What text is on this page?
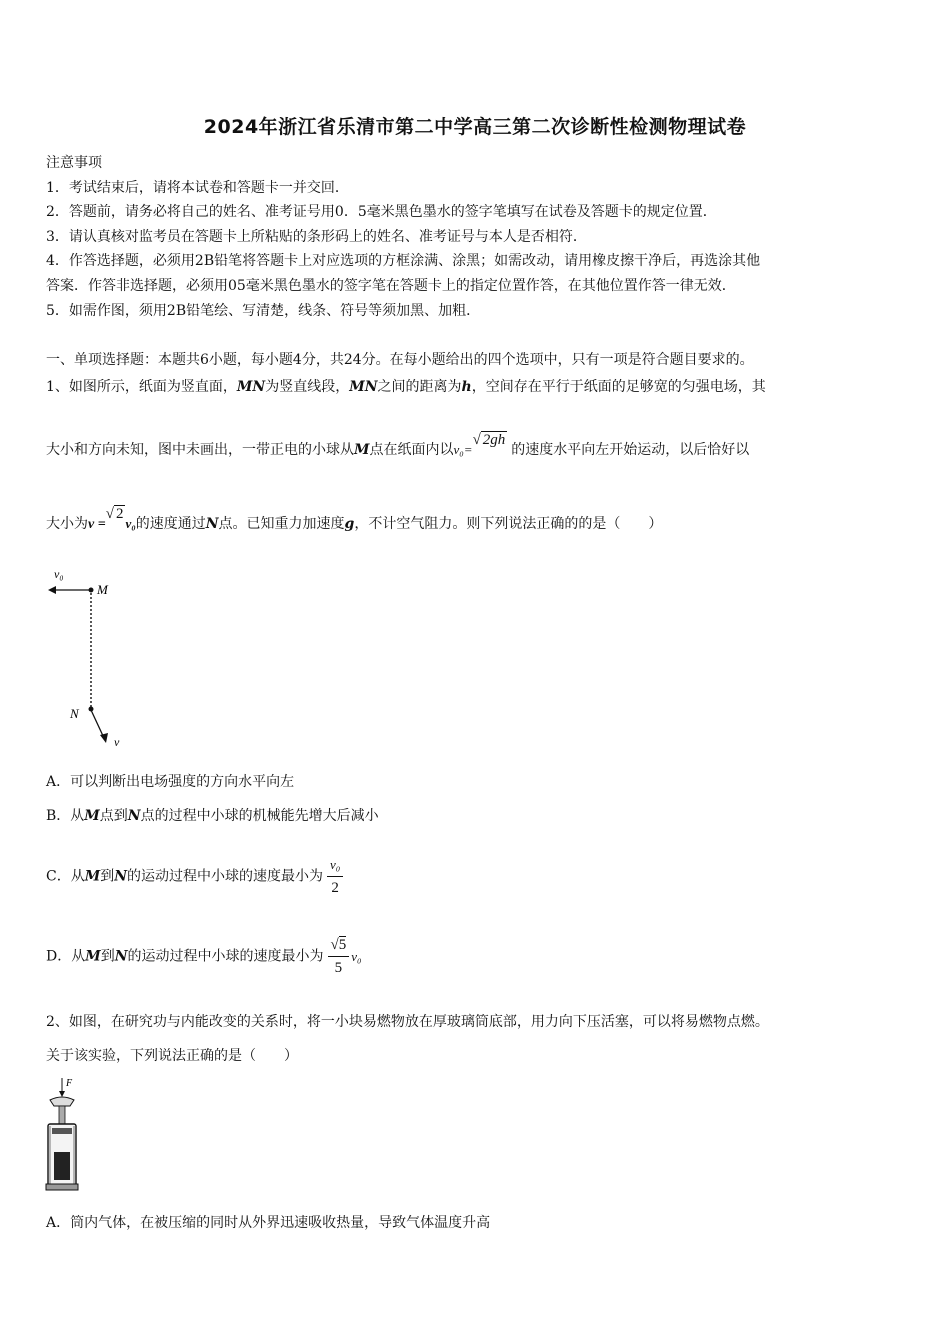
2024年浙江省乐清市第二中学高三第二次诊断性检测物理试卷
注意事项
1．考试结束后，请将本试卷和答题卡一并交回．
2．答题前，请务必将自己的姓名、准考证号用0．5毫米黑色墨水的签字笔填写在试卷及答题卡的规定位置．
3．请认真核对监考员在答题卡上所粘贴的条形码上的姓名、准考证号与本人是否相符．
4．作答选择题，必须用2B铅笔将答题卡上对应选项的方框涂满、涂黑；如需改动，请用橡皮擦干净后，再选涂其他
答案．作答非选择题，必须用05毫米黑色墨水的签字笔在答题卡上的指定位置作答，在其他位置作答一律无效．
5．如需作图，须用2B铅笔绘、写清楚，线条、符号等须加黑、加粗．
一、单项选择题：本题共6小题，每小题4分，共24分。在每小题给出的四个选项中，只有一项是符合题目要求的。
1、如图所示，纸面为竖直面，MN为竖直线段，MN之间的距离为h，空间存在平行于纸面的足够宽的匀强电场，其
大小和方向未知，图中未画出，一带正电的小球从M点在纸面内以v₀=√ 2gh的速度水平向左开始运动，以后恰好以
大小为v =√ 2v₀的速度通过N点。已知重力加速度g，不计空气阻力。则下列说法正确的的是（　　）
v₀
M
N
v
A．可以判断出电场强度的方向水平向左
B．从M点到N点的过程中小球的机械能先增大后减小
C．从M到N的运动过程中小球的速度最小为 $\frac{\text{v₀}}{2}$
D．从M到N的运动过程中小球的速度最小为 $\frac{√5}{5} v_0$
2、如图，在研究功与内能改变的关系时，将一小块易燃物放在厚玻璃筒底部，用力向下压活塞，可以将易燃物点燃。
关于该实验，下列说法正确的是（　　）
F
A．筒内气体，在被压缩的同时从外界迅速吸收热量，导致气体温度升高
